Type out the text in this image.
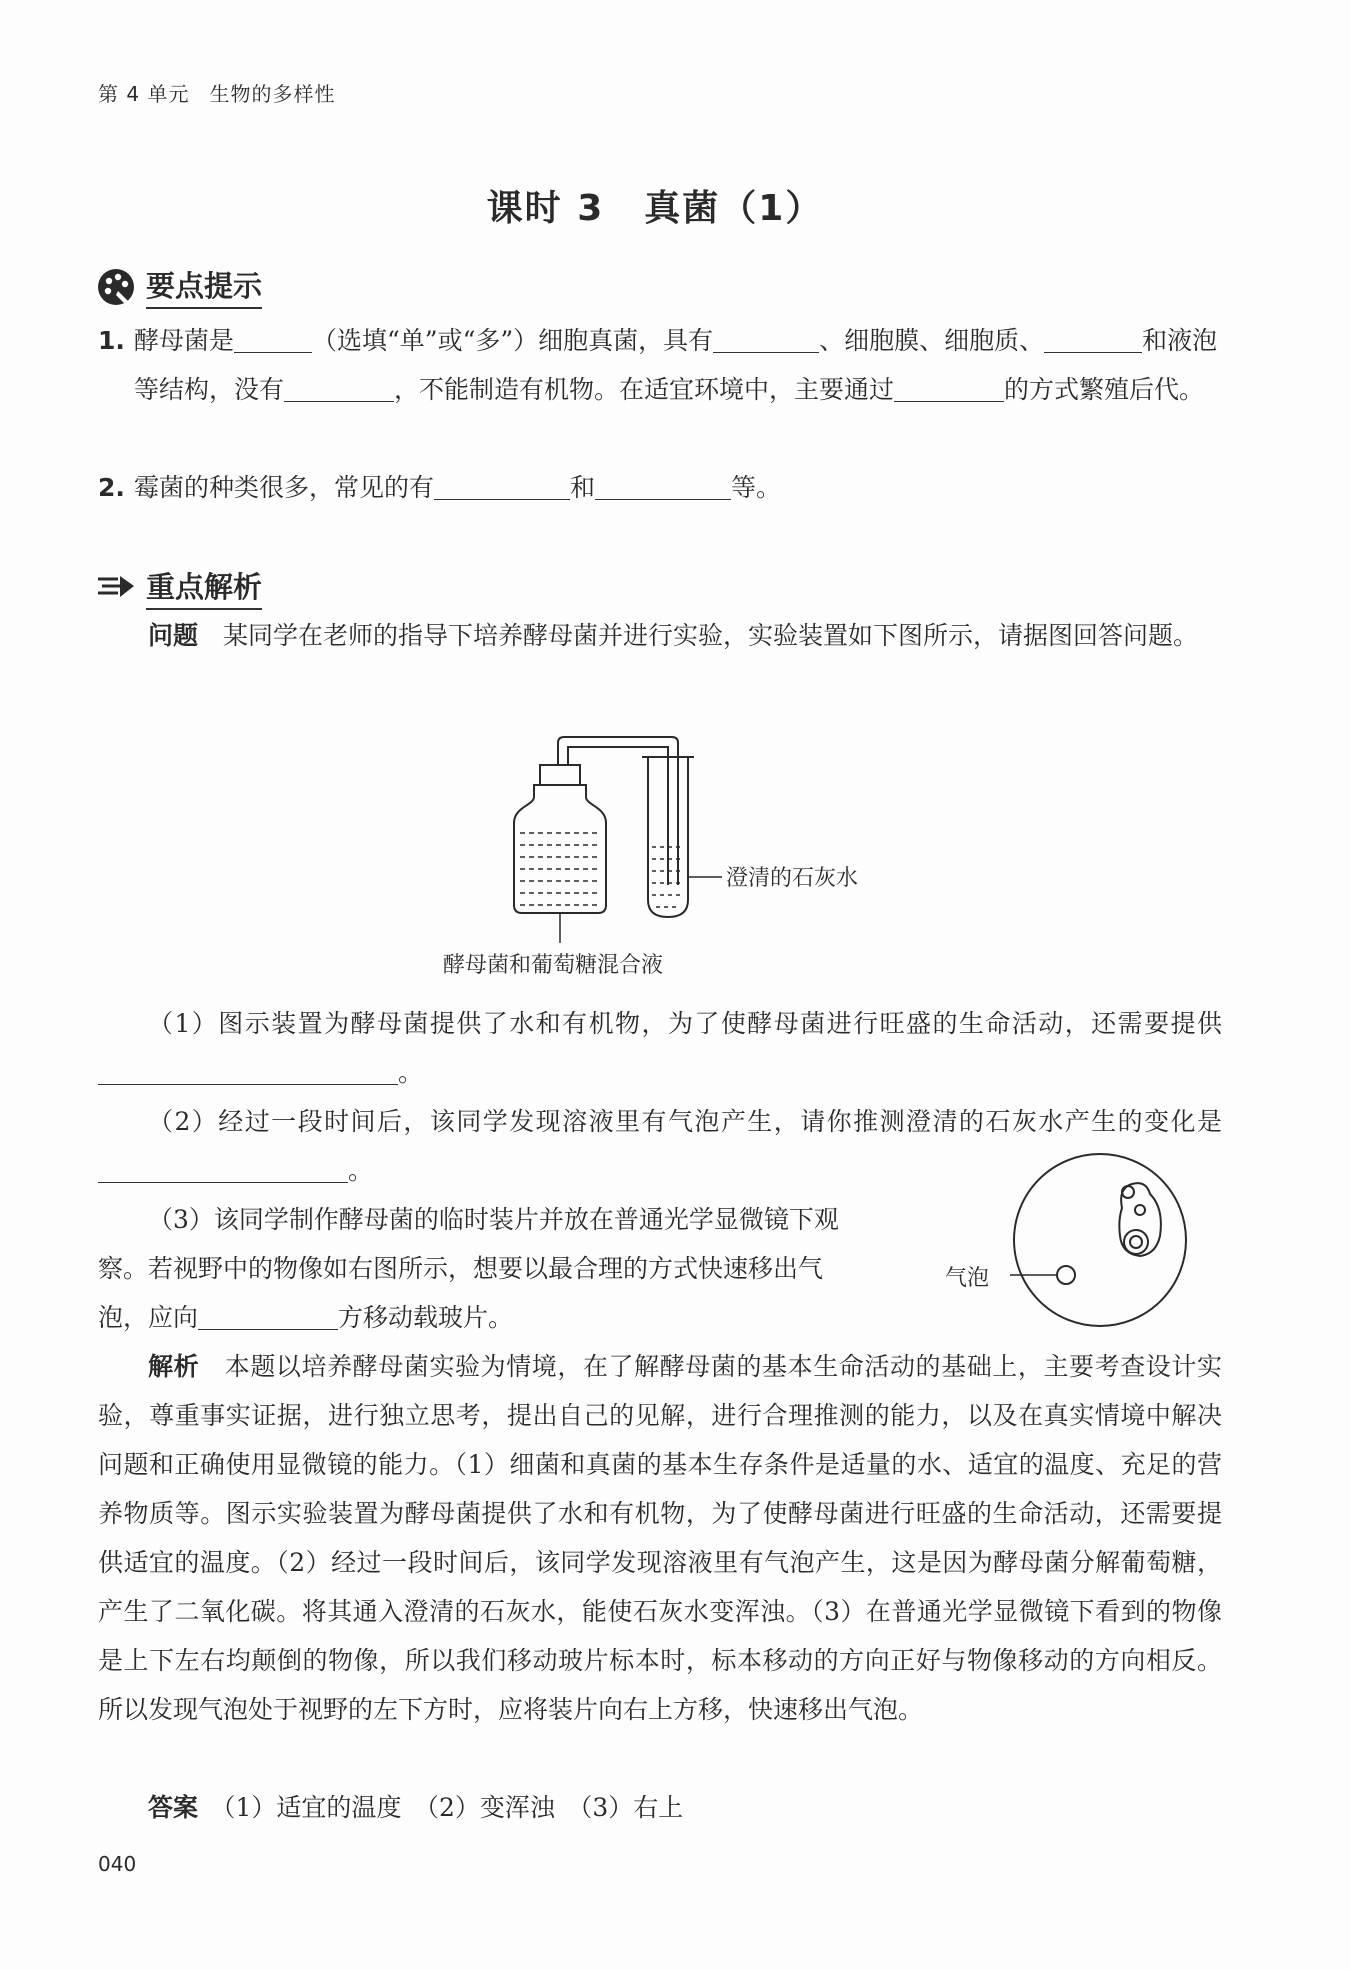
第 4 单元 生物的多样性
课时 3 真菌（1）
要点提示
1. 酵母菌是	（选填“单”或“多”）细胞真菌，具有	、细胞膜、细胞质、	和液泡等结构，没有	，不能制造有机物。在适宜环境中，主要通过	的方式繁殖后代。
2. 霉菌的种类很多，常见的有	和	等。
重点解析
问题　 某同学在老师的指导下培养酵母菌并进行实验，实验装置如下图所示，请据图回答问题。
澄清的石灰水
酵母菌和葡萄糖混合液
（1）图示装置为酵母菌提供了水和有机物，为了使酵母菌进行旺盛的生命活动，还需要提供。
（2）经过一段时间后，该同学发现溶液里有气泡产生，请你推测澄清的石灰水产生的变化是。
（3）该同学制作酵母菌的临时装片并放在普通光学显微镜下观
察。若视野中的物像如右图所示，想要以最合理的方式快速移出气
泡，应向	方移动载玻片。
气泡
解析　 本题以培养酵母菌实验为情境，在了解酵母菌的基本生命活动的基础上，主要考查设计实验，尊重事实证据，进行独立思考，提出自己的见解，进行合理推测的能力，以及在真实情境中解决问题和正确使用显微镜的能力。（1）细菌和真菌的基本生存条件是适量的水、适宜的温度、充足的营养物质等。图示实验装置为酵母菌提供了水和有机物，为了使酵母菌进行旺盛的生命活动，还需要提供适宜的温度。（2）经过一段时间后，该同学发现溶液里有气泡产生，这是因为酵母菌分解葡萄糖，产生了二氧化碳。将其通入澄清的石灰水，能使石灰水变浑浊。（3）在普通光学显微镜下看到的物像是上下左右均颠倒的物像，所以我们移动玻片标本时，标本移动的方向正好与物像移动的方向相反。所以发现气泡处于视野的左下方时，应将装片向右上方移，快速移出气泡。
答案　 （1）适宜的温度　（2）变浑浊　（3）右上
040
